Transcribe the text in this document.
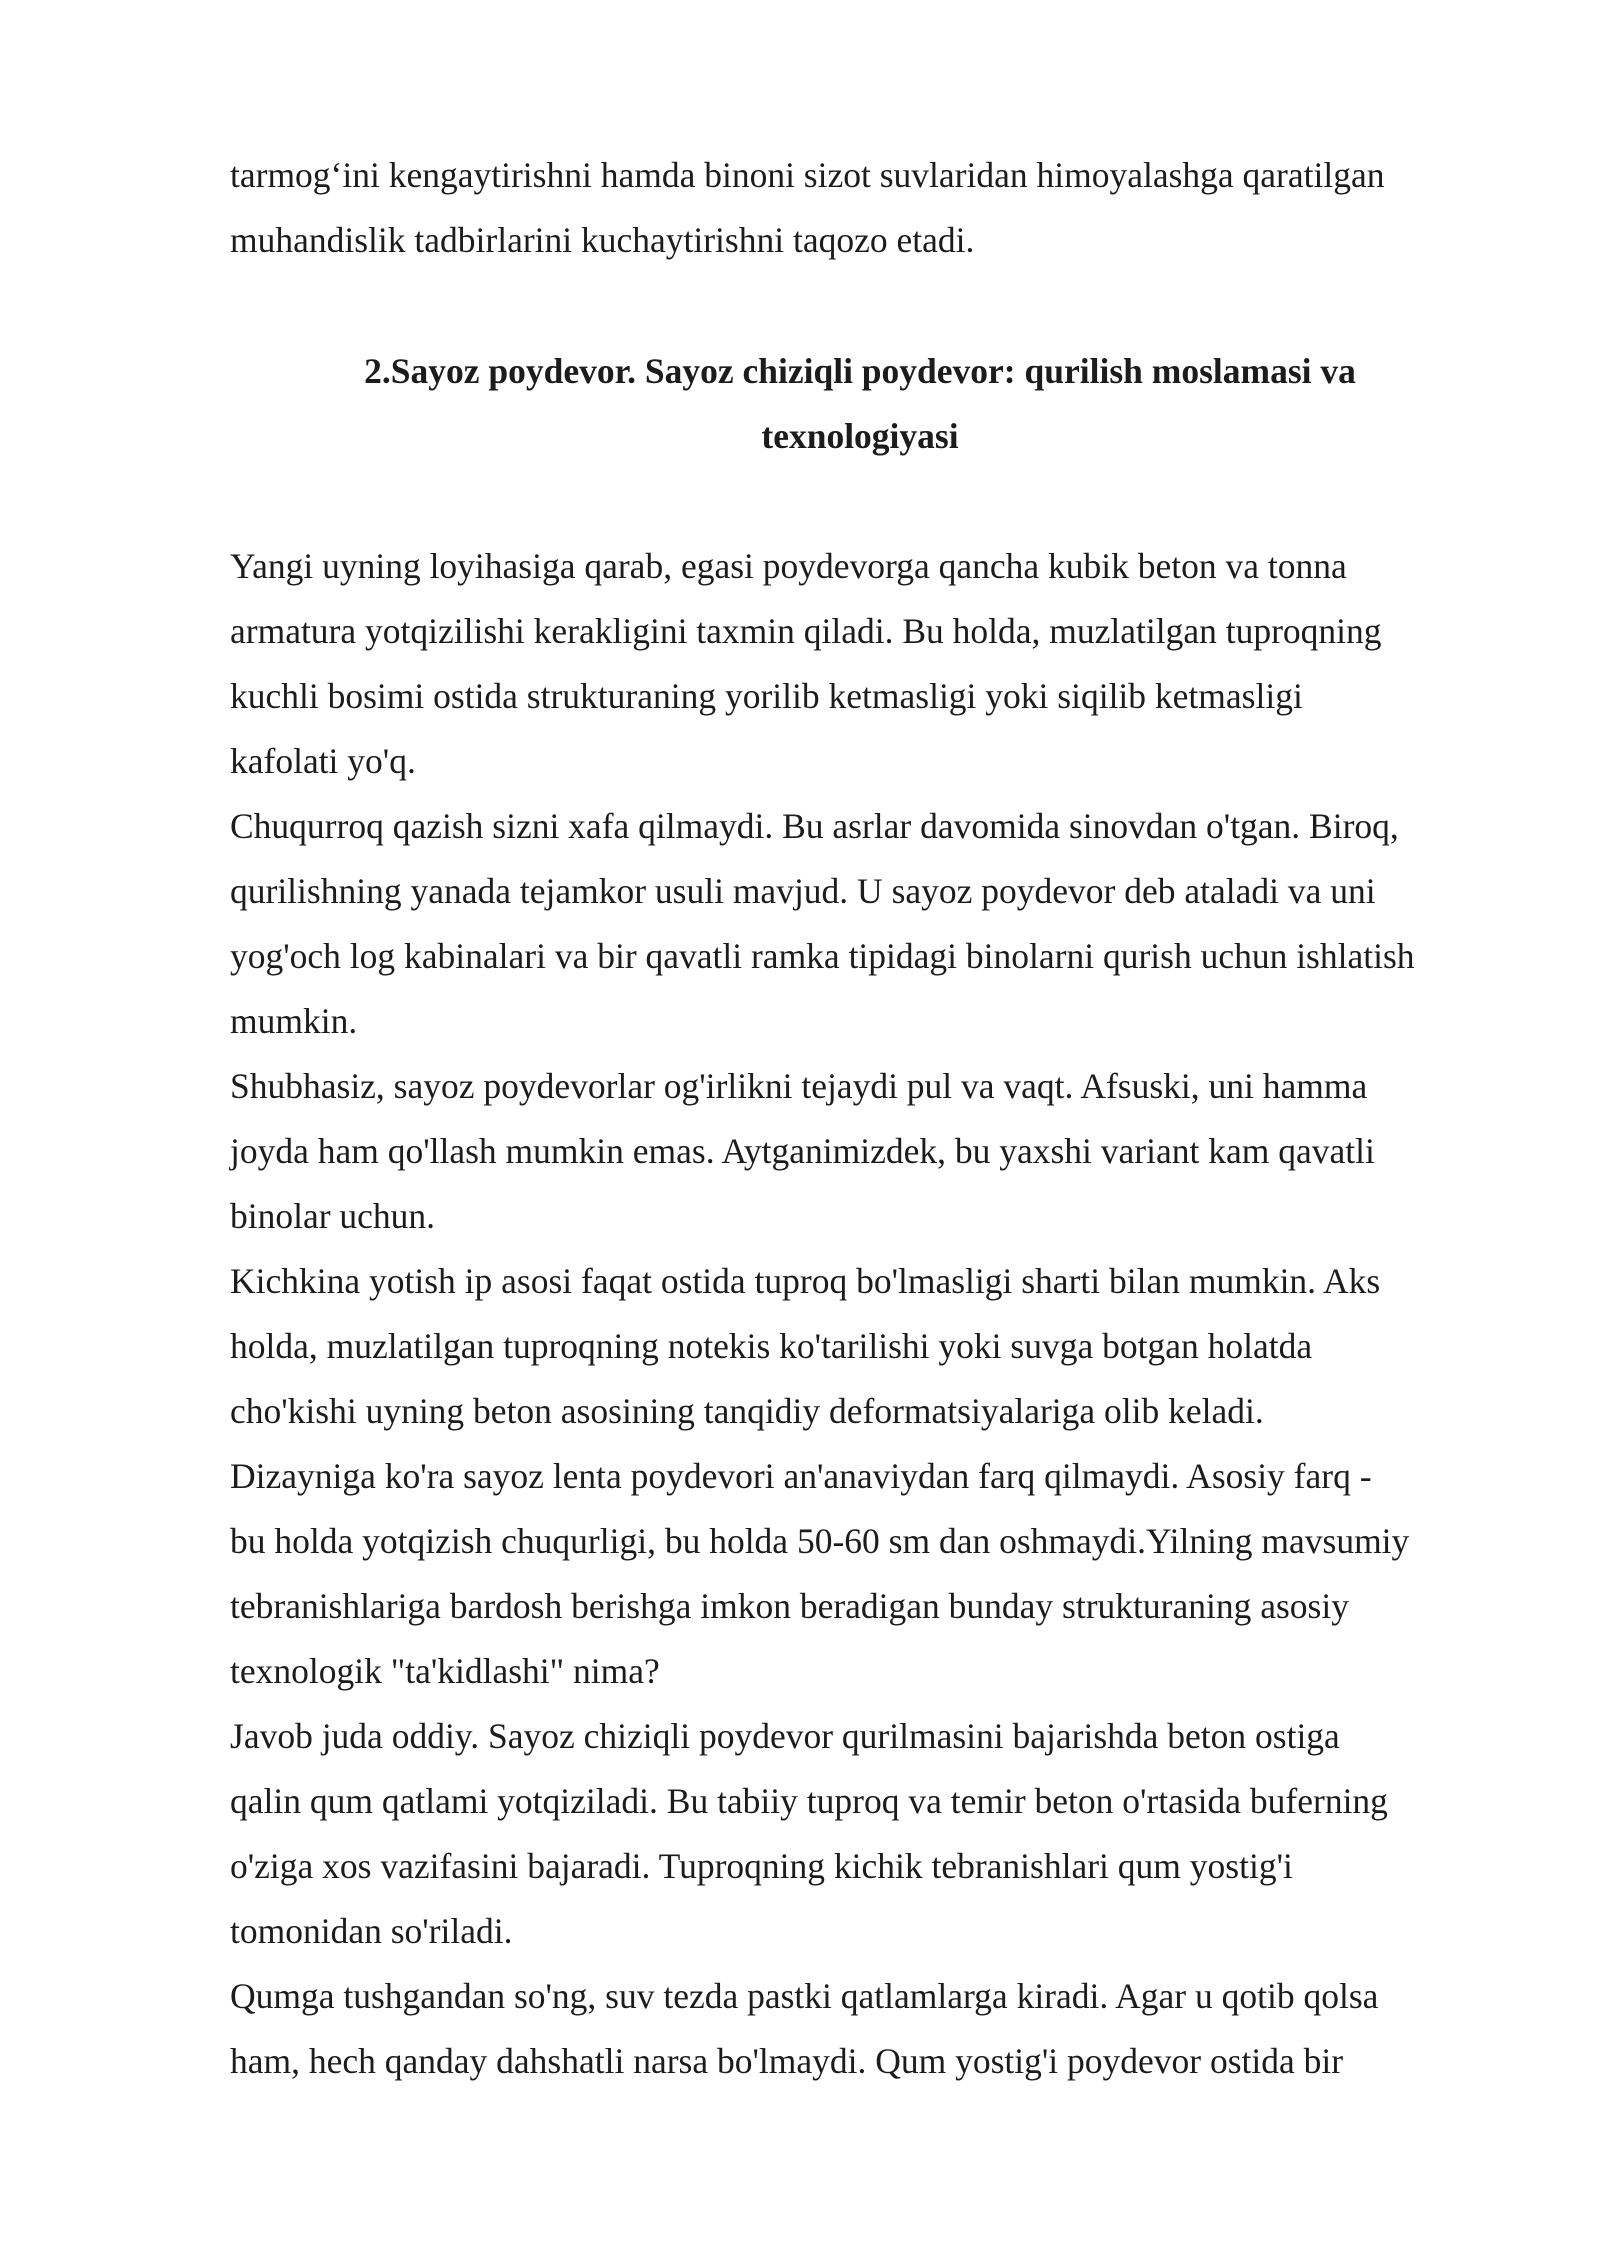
tarmog‘ini kengaytirishni hamda binoni sizot suvlaridan himoyalashga qaratilgan
muhandislik tadbirlarini kuchaytirishni taqozo etadi.
2.Sayoz poydevor. Sayoz chiziqli poydevor: qurilish moslamasi va
texnologiyasi
Yangi uyning loyihasiga qarab, egasi poydevorga qancha kubik beton va tonna
armatura yotqizilishi kerakligini taxmin qiladi. Bu holda, muzlatilgan tuproqning
kuchli bosimi ostida strukturaning yorilib ketmasligi yoki siqilib ketmasligi
kafolati yo'q.
Chuqurroq qazish sizni xafa qilmaydi. Bu asrlar davomida sinovdan o'tgan. Biroq,
qurilishning yanada tejamkor usuli mavjud. U sayoz poydevor deb ataladi va uni
yog'och log kabinalari va bir qavatli ramka tipidagi binolarni qurish uchun ishlatish
mumkin.
Shubhasiz, sayoz poydevorlar og'irlikni tejaydi pul va vaqt. Afsuski, uni hamma
joyda ham qo'llash mumkin emas. Aytganimizdek, bu yaxshi variant kam qavatli
binolar uchun.
Kichkina yotish ip asosi faqat ostida tuproq bo'lmasligi sharti bilan mumkin. Aks
holda, muzlatilgan tuproqning notekis ko'tarilishi yoki suvga botgan holatda
cho'kishi uyning beton asosining tanqidiy deformatsiyalariga olib keladi.
Dizayniga ko'ra sayoz lenta poydevori an'anaviydan farq qilmaydi. Asosiy farq -
bu holda yotqizish chuqurligi, bu holda 50-60 sm dan oshmaydi.Yilning mavsumiy
tebranishlariga bardosh berishga imkon beradigan bunday strukturaning asosiy
texnologik "ta'kidlashi" nima?
Javob juda oddiy. Sayoz chiziqli poydevor qurilmasini bajarishda beton ostiga
qalin qum qatlami yotqiziladi. Bu tabiiy tuproq va temir beton o'rtasida buferning
o'ziga xos vazifasini bajaradi. Tuproqning kichik tebranishlari qum yostig'i
tomonidan so'riladi.
Qumga tushgandan so'ng, suv tezda pastki qatlamlarga kiradi. Agar u qotib qolsa
ham, hech qanday dahshatli narsa bo'lmaydi. Qum yostig'i poydevor ostida bir
